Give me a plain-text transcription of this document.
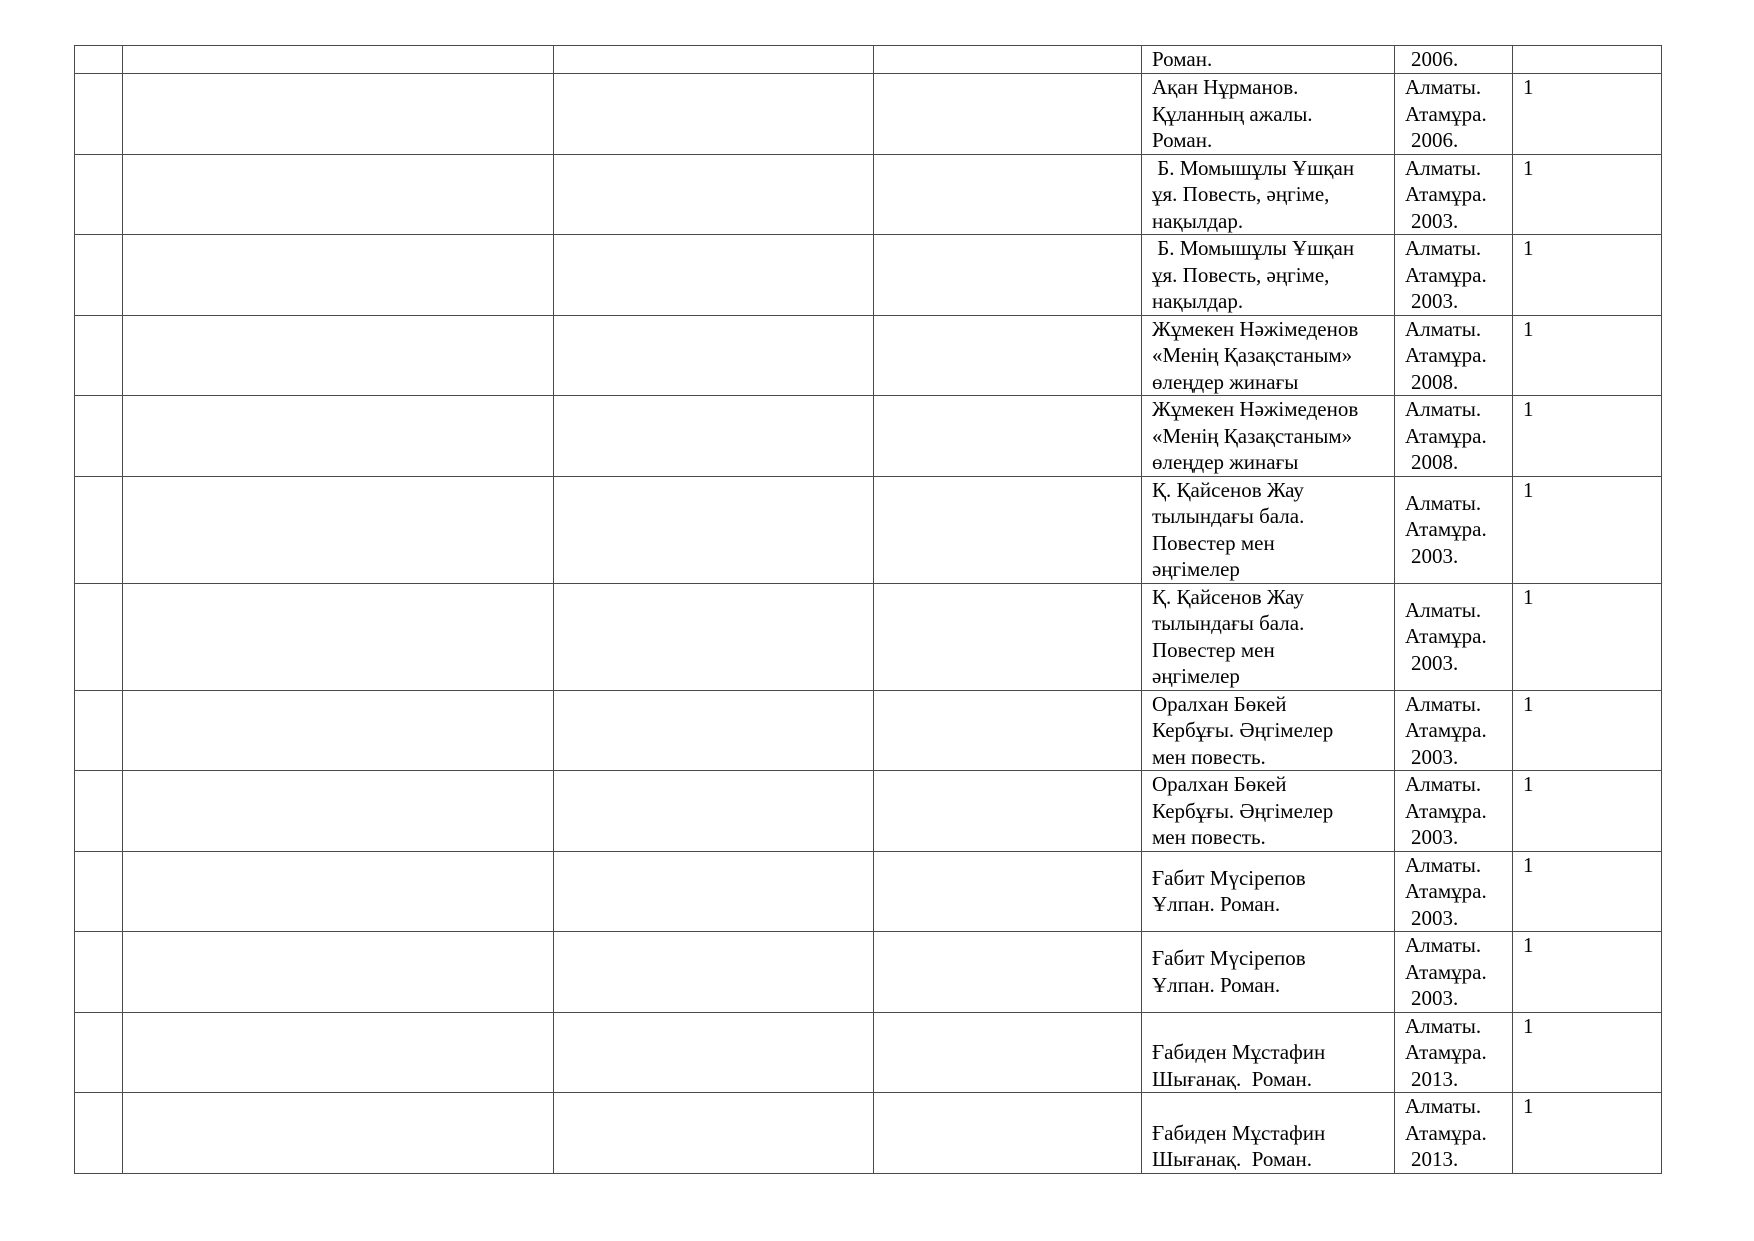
				Роман.	2006.	

				Ақан Нұрманов.
Құланның ажалы.
Роман.	Алматы.
Атамұра.
2006.	1

				Б. Момышұлы Ұшқан
ұя. Повесть, әңгіме,
нақылдар.	Алматы.
Атамұра.
2003.	1

				Б. Момышұлы Ұшқан
ұя. Повесть, әңгіме,
нақылдар.	Алматы.
Атамұра.
2003.	1

				Жұмекен Нәжімеденов
«Менің Қазақстаным»
өлеңдер жинағы	Алматы.
Атамұра.
2008.	1

				Жұмекен Нәжімеденов
«Менің Қазақстаным»
өлеңдер жинағы	Алматы.
Атамұра.
2008.	1

				Қ. Қайсенов Жау
тылындағы бала.
Повестер мен
әңгімелер	Алматы.
Атамұра.
2003.	1

				Қ. Қайсенов Жау
тылындағы бала.
Повестер мен
әңгімелер	Алматы.
Атамұра.
2003.	1

				Оралхан Бөкей
Кербұғы. Әңгімелер
мен повесть.	Алматы.
Атамұра.
2003.	1

				Оралхан Бөкей
Кербұғы. Әңгімелер
мен повесть.	Алматы.
Атамұра.
2003.	1

				Ғабит Мүсірепов
Ұлпан. Роман.	Алматы.
Атамұра.
2003.	1

				Ғабит Мүсірепов
Ұлпан. Роман.	Алматы.
Атамұра.
2003.	1

				Ғабиден Мұстафин
Шығанақ.  Роман.	Алматы.
Атамұра.
2013.	1

				Ғабиден Мұстафин
Шығанақ.  Роман.	Алматы.
Атамұра.
2013.	1
